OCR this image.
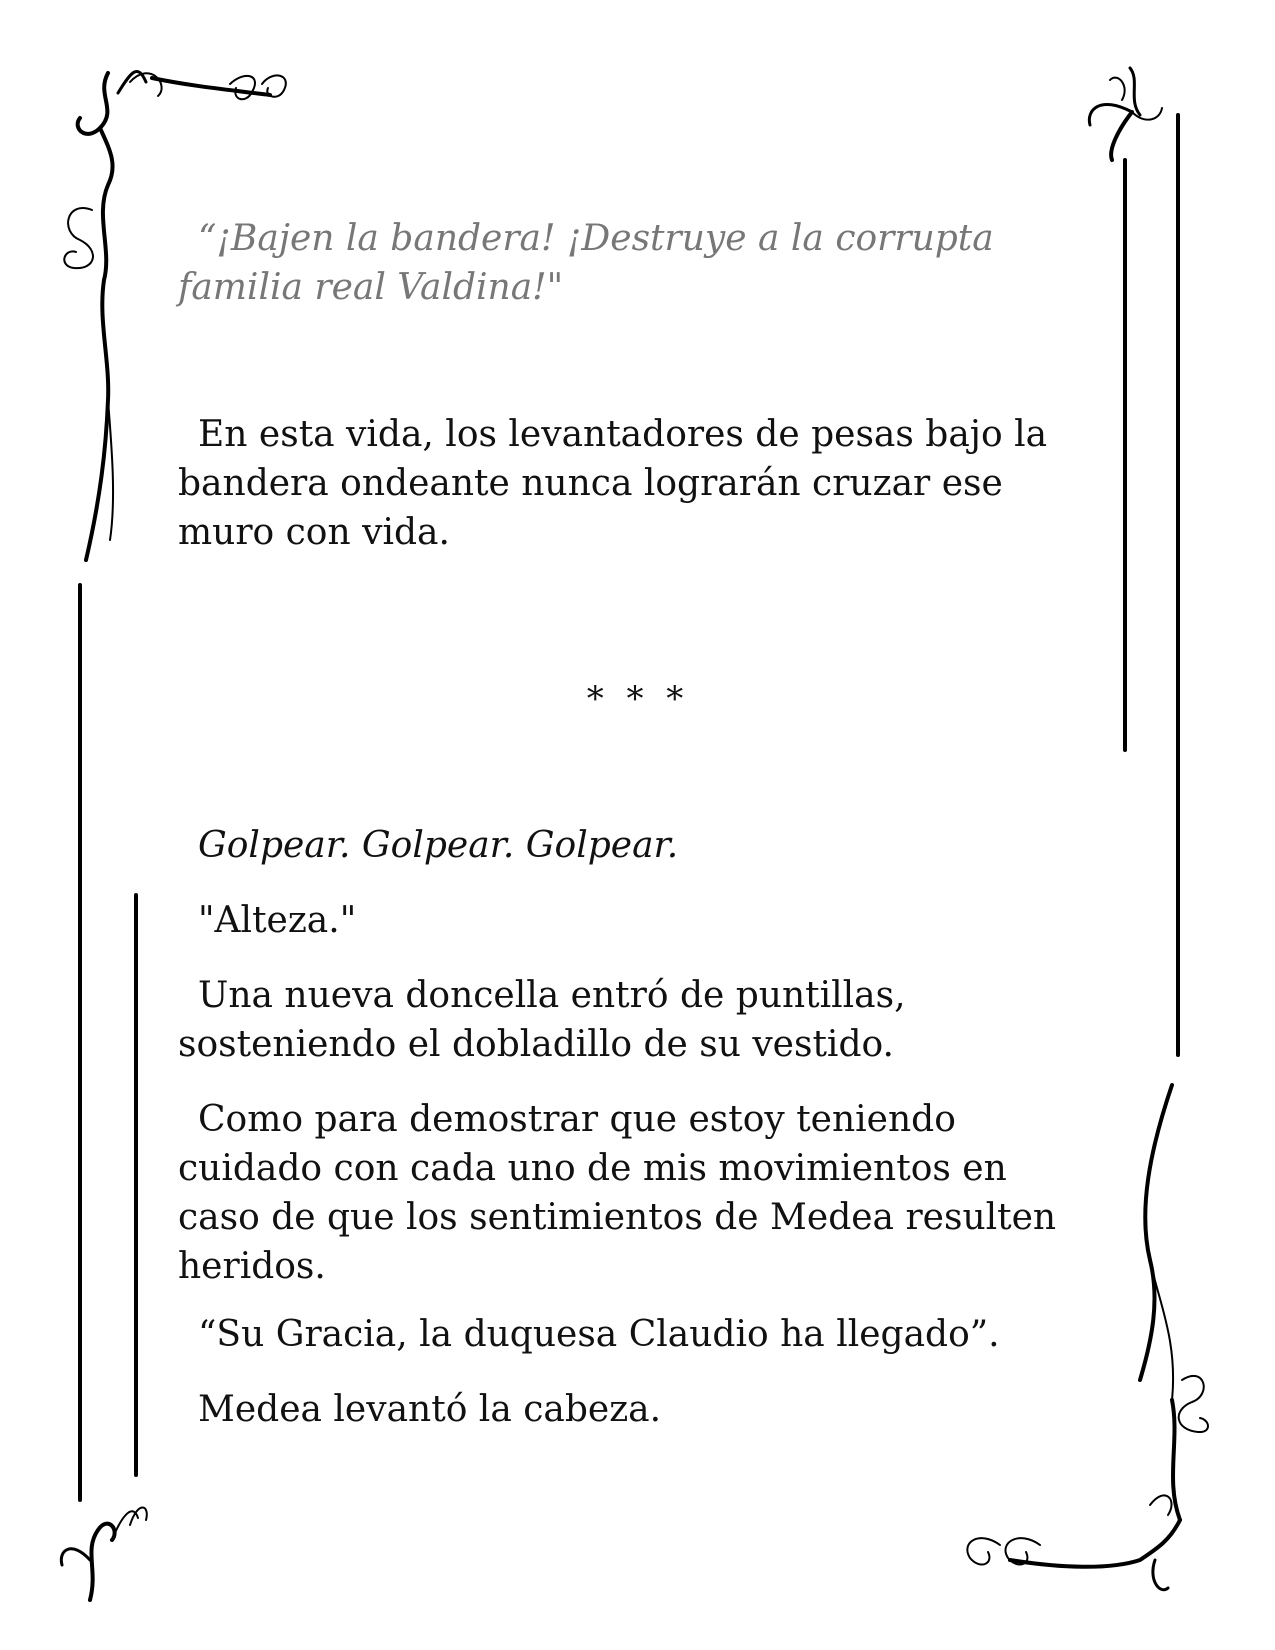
“¡Bajen la bandera! ¡Destruye a la corrupta familia real Valdina!"

En esta vida, los levantadores de pesas bajo la bandera ondeante nunca lograrán cruzar ese muro con vida.

* * *

Golpear. Golpear. Golpear.

"Alteza."

Una nueva doncella entró de puntillas, sosteniendo el dobladillo de su vestido.

Como para demostrar que estoy teniendo cuidado con cada uno de mis movimientos en caso de que los sentimientos de Medea resulten heridos.

“Su Gracia, la duquesa Claudio ha llegado”.

Medea levantó la cabeza.
